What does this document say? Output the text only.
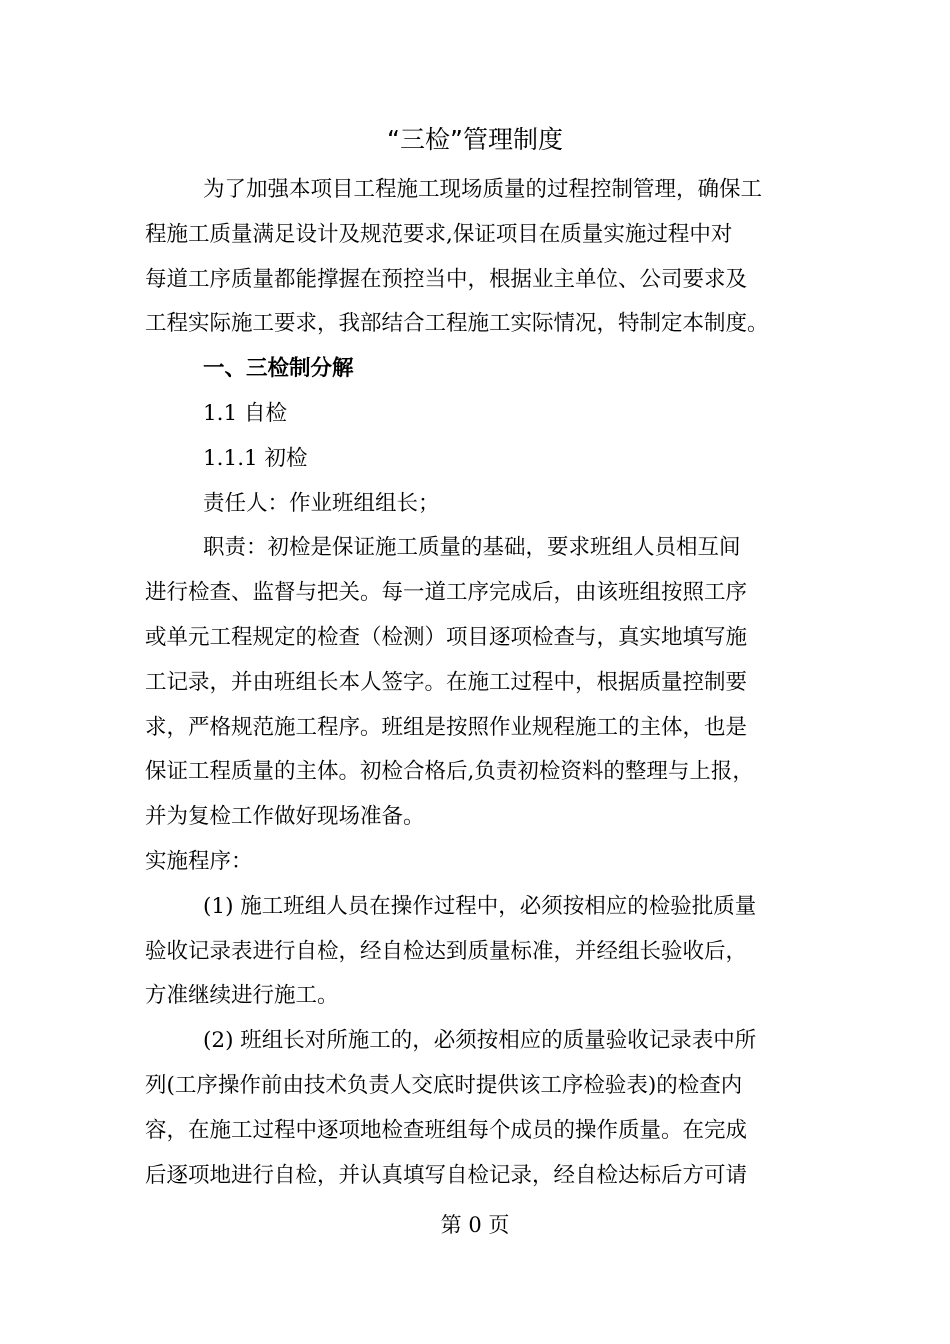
“三检”管理制度
为了加强本项目工程施工现场质量的过程控制管理，确保工
程施工质量满足设计及规范要求,保证项目在质量实施过程中对
每道工序质量都能撑握在预控当中，根据业主单位、公司要求及
工程实际施工要求，我部结合工程施工实际情况，特制定本制度。
一、三检制分解
1.1 自检
1.1.1 初检
责任人：作业班组组长；
职责：初检是保证施工质量的基础，要求班组人员相互间
进行检查、监督与把关。每一道工序完成后，由该班组按照工序
或单元工程规定的检查（检测）项目逐项检查与，真实地填写施
工记录，并由班组长本人签字。在施工过程中，根据质量控制要
求，严格规范施工程序。班组是按照作业规程施工的主体，也是
保证工程质量的主体。初检合格后,负责初检资料的整理与上报，
并为复检工作做好现场准备。
实施程序：
(1) 施工班组人员在操作过程中，必须按相应的检验批质量
验收记录表进行自检，经自检达到质量标准，并经组长验收后，
方准继续进行施工。
(2) 班组长对所施工的，必须按相应的质量验收记录表中所
列(工序操作前由技术负责人交底时提供该工序检验表)的检查内
容，在施工过程中逐项地检查班组每个成员的操作质量。在完成
后逐项地进行自检，并认真填写自检记录，经自检达标后方可请
第 0 页
